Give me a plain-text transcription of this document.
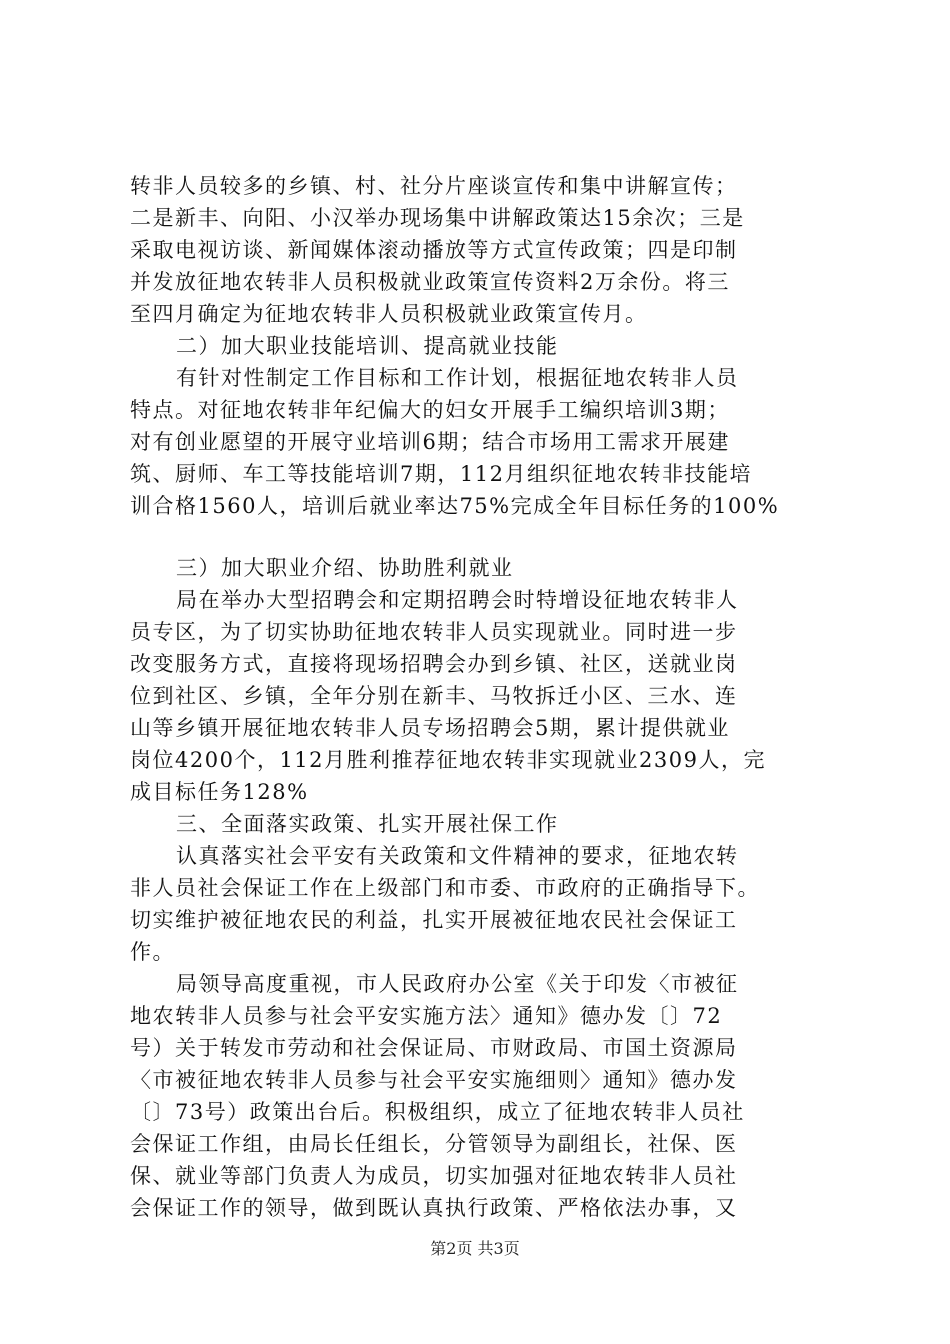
转非人员较多的乡镇、村、社分片座谈宣传和集中讲解宣传；
二是新丰、向阳、小汉举办现场集中讲解政策达15余次；三是
采取电视访谈、新闻媒体滚动播放等方式宣传政策；四是印制
并发放征地农转非人员积极就业政策宣传资料2万余份。将三
至四月确定为征地农转非人员积极就业政策宣传月。
二）加大职业技能培训、提高就业技能
有针对性制定工作目标和工作计划，根据征地农转非人员
特点。对征地农转非年纪偏大的妇女开展手工编织培训3期；
对有创业愿望的开展守业培训6期；结合市场用工需求开展建
筑、厨师、车工等技能培训7期，112月组织征地农转非技能培
训合格1560人，培训后就业率达75%完成全年目标任务的100%
三）加大职业介绍、协助胜利就业
局在举办大型招聘会和定期招聘会时特增设征地农转非人
员专区，为了切实协助征地农转非人员实现就业。同时进一步
改变服务方式，直接将现场招聘会办到乡镇、社区，送就业岗
位到社区、乡镇，全年分别在新丰、马牧拆迁小区、三水、连
山等乡镇开展征地农转非人员专场招聘会5期，累计提供就业
岗位4200个，112月胜利推荐征地农转非实现就业2309人，完
成目标任务128%
三、全面落实政策、扎实开展社保工作
认真落实社会平安有关政策和文件精神的要求，征地农转
非人员社会保证工作在上级部门和市委、市政府的正确指导下。
切实维护被征地农民的利益，扎实开展被征地农民社会保证工
作。
局领导高度重视，市人民政府办公室《关于印发〈市被征
地农转非人员参与社会平安实施方法〉通知》德办发〔〕72
号）关于转发市劳动和社会保证局、市财政局、市国土资源局
〈市被征地农转非人员参与社会平安实施细则〉通知》德办发
〔〕73号）政策出台后。积极组织，成立了征地农转非人员社
会保证工作组，由局长任组长，分管领导为副组长，社保、医
保、就业等部门负责人为成员，切实加强对征地农转非人员社
会保证工作的领导，做到既认真执行政策、严格依法办事，又
第2页 共3页
